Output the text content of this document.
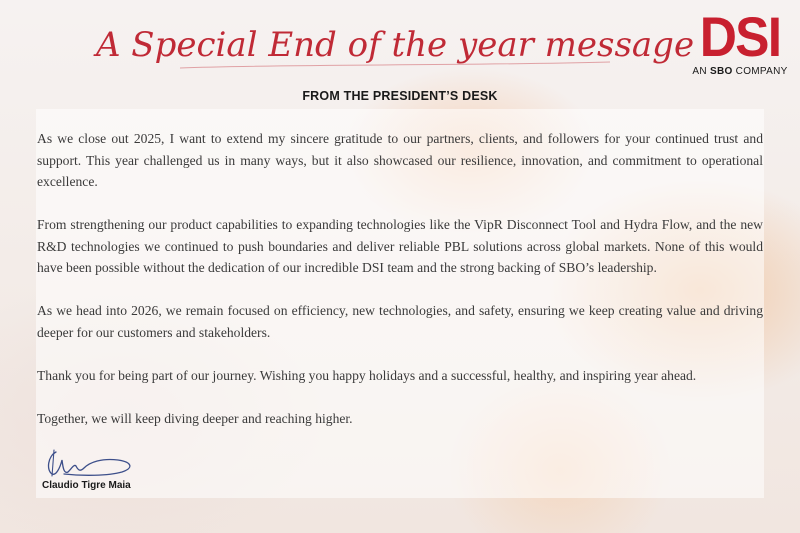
A Special End of the year message DSI
AN SBO COMPANY
FROM THE PRESIDENT’S DESK

As we close out 2025, I want to extend my sincere gratitude to our partners, clients, and followers for your continued trust and support. This year challenged us in many ways, but it also showcased our resilience, innovation, and commitment to operational excellence.

From strengthening our product capabilities to expanding technologies like the VipR Disconnect Tool and Hydra Flow, and the new R&D technologies we continued to push boundaries and deliver reliable PBL solutions across global markets. None of this would have been possible without the dedication of our incredible DSI team and the strong backing of SBO’s leadership.

As we head into 2026, we remain focused on efficiency, new technologies, and safety, ensuring we keep creating value and driving deeper for our customers and stakeholders.

Thank you for being part of our journey. Wishing you happy holidays and a successful, healthy, and inspiring year ahead.

Together, we will keep diving deeper and reaching higher.

Claudio Tigre Maia
